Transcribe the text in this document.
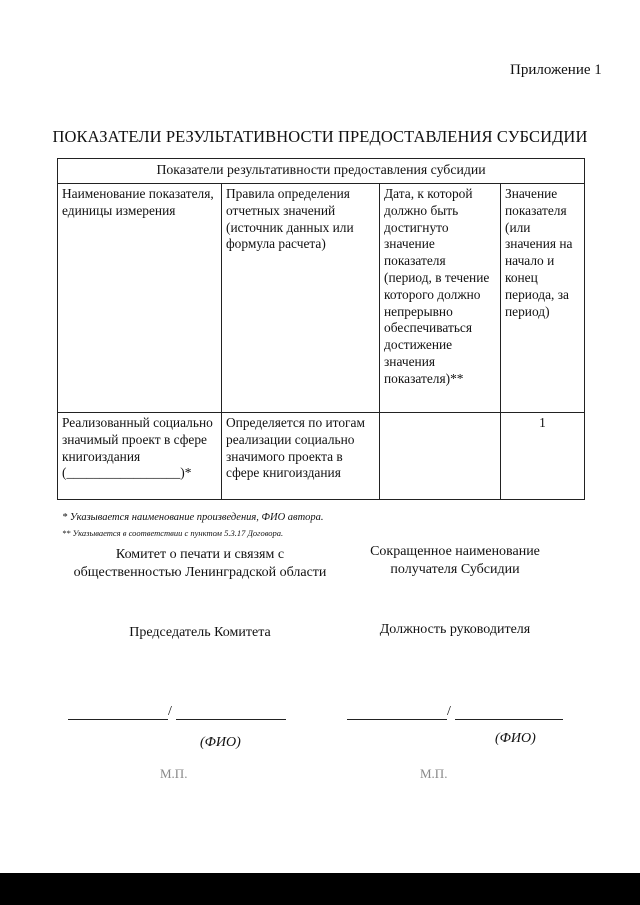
Приложение 1
ПОКАЗАТЕЛИ РЕЗУЛЬТАТИВНОСТИ ПРЕДОСТАВЛЕНИЯ СУБСИДИИ
Показатели результативности предоставления субсидии			
Наименование показателя, единицы измерения	Правила определения отчетных значений (источник данных или формула расчета)	Дата, к которой должно быть достигнуто значение показателя (период, в течение которого должно непрерывно обеспечиваться достижение значения показателя)**	Значение показателя (или значения на начало и конец периода, за период)
Реализованный социально значимый проект в сфере книгоиздания (_________________)*	Определяется по итогам реализации социально значимого проекта в сфере книгоиздания		1
* Указывается наименование произведения, ФИО автора.
** Указывается в соответствии с пунктом 5.3.17 Договора.
Комитет о печати и связям с общественностью Ленинградской области
Сокращенное наименование получателя Субсидии
Председатель Комитета	Должность руководителя
/	/
(ФИО)	(ФИО)
М.П.	М.П.
